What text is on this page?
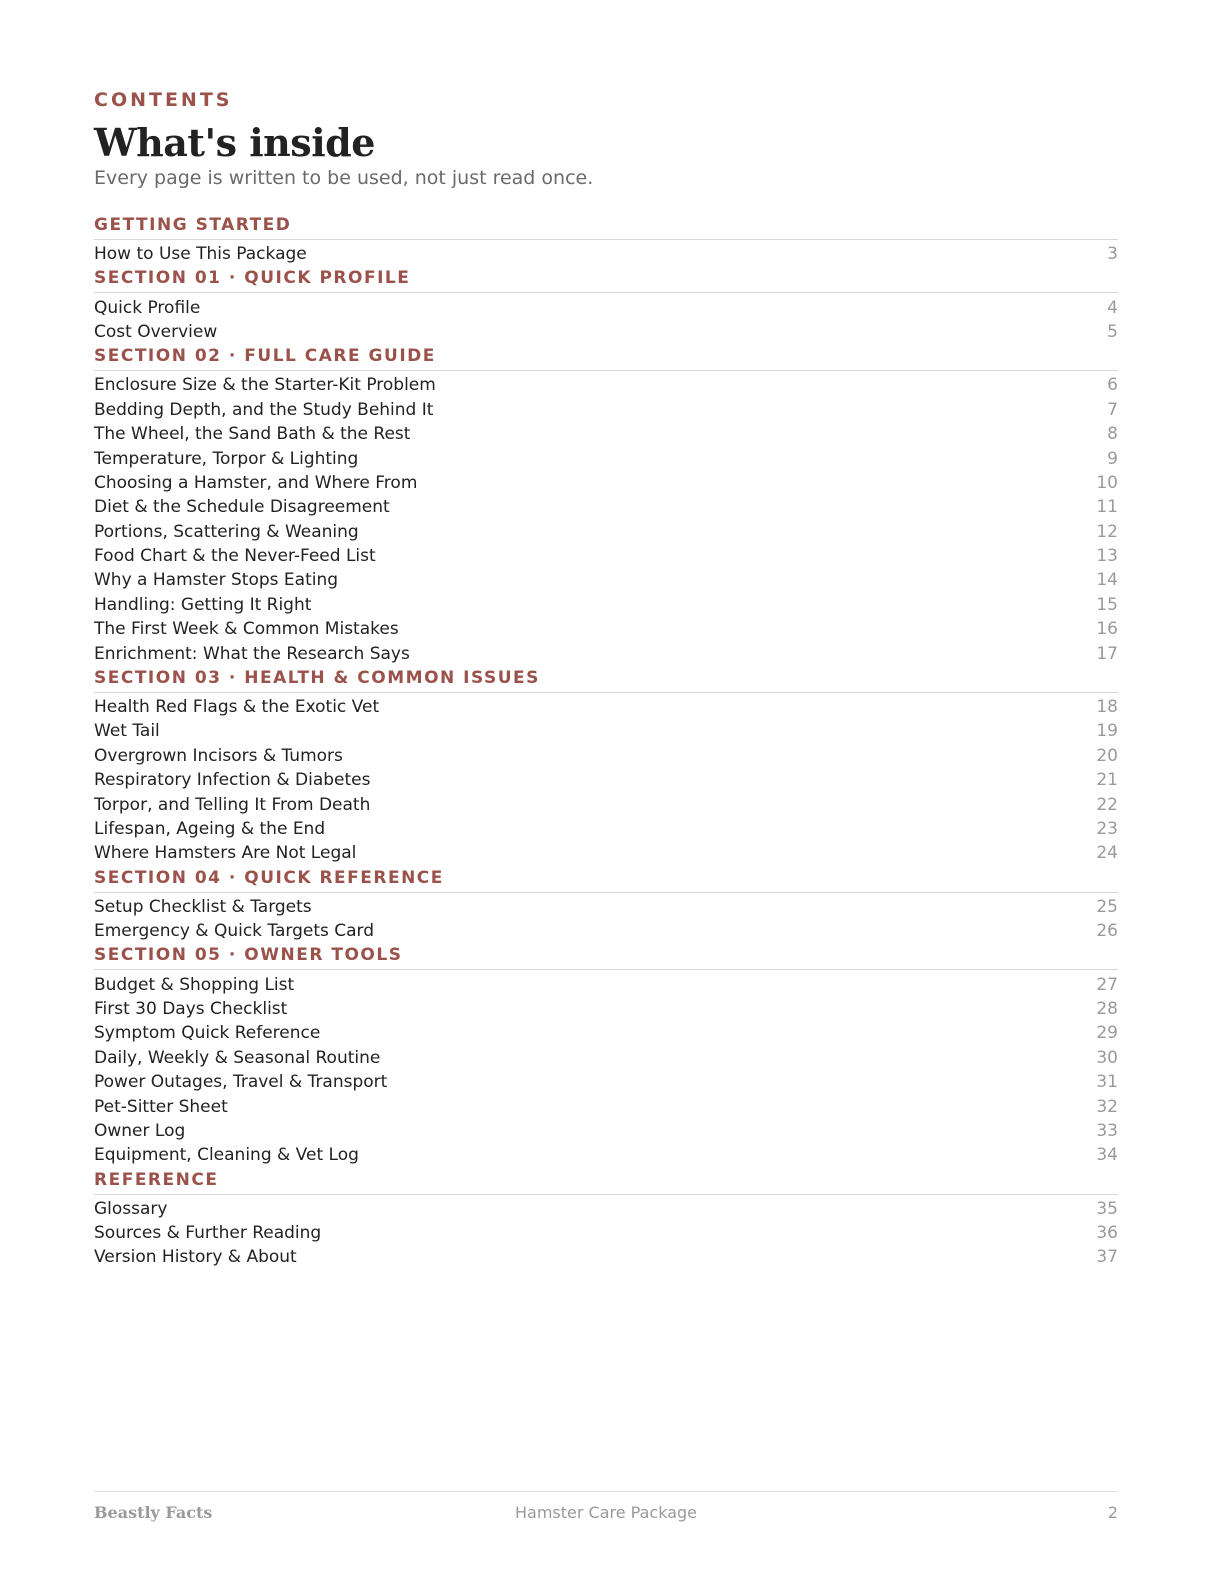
CONTENTS
What's inside
Every page is written to be used, not just read once.
GETTING STARTED
How to Use This Package	3
SECTION 01 · QUICK PROFILE
Quick Profile	4
Cost Overview	5
SECTION 02 · FULL CARE GUIDE
Enclosure Size & the Starter-Kit Problem	6
Bedding Depth, and the Study Behind It	7
The Wheel, the Sand Bath & the Rest	8
Temperature, Torpor & Lighting	9
Choosing a Hamster, and Where From	10
Diet & the Schedule Disagreement	11
Portions, Scattering & Weaning	12
Food Chart & the Never-Feed List	13
Why a Hamster Stops Eating	14
Handling: Getting It Right	15
The First Week & Common Mistakes	16
Enrichment: What the Research Says	17
SECTION 03 · HEALTH & COMMON ISSUES
Health Red Flags & the Exotic Vet	18
Wet Tail	19
Overgrown Incisors & Tumors	20
Respiratory Infection & Diabetes	21
Torpor, and Telling It From Death	22
Lifespan, Ageing & the End	23
Where Hamsters Are Not Legal	24
SECTION 04 · QUICK REFERENCE
Setup Checklist & Targets	25
Emergency & Quick Targets Card	26
SECTION 05 · OWNER TOOLS
Budget & Shopping List	27
First 30 Days Checklist	28
Symptom Quick Reference	29
Daily, Weekly & Seasonal Routine	30
Power Outages, Travel & Transport	31
Pet-Sitter Sheet	32
Owner Log	33
Equipment, Cleaning & Vet Log	34
REFERENCE
Glossary	35
Sources & Further Reading	36
Version History & About	37
Beastly Facts	Hamster Care Package	2
